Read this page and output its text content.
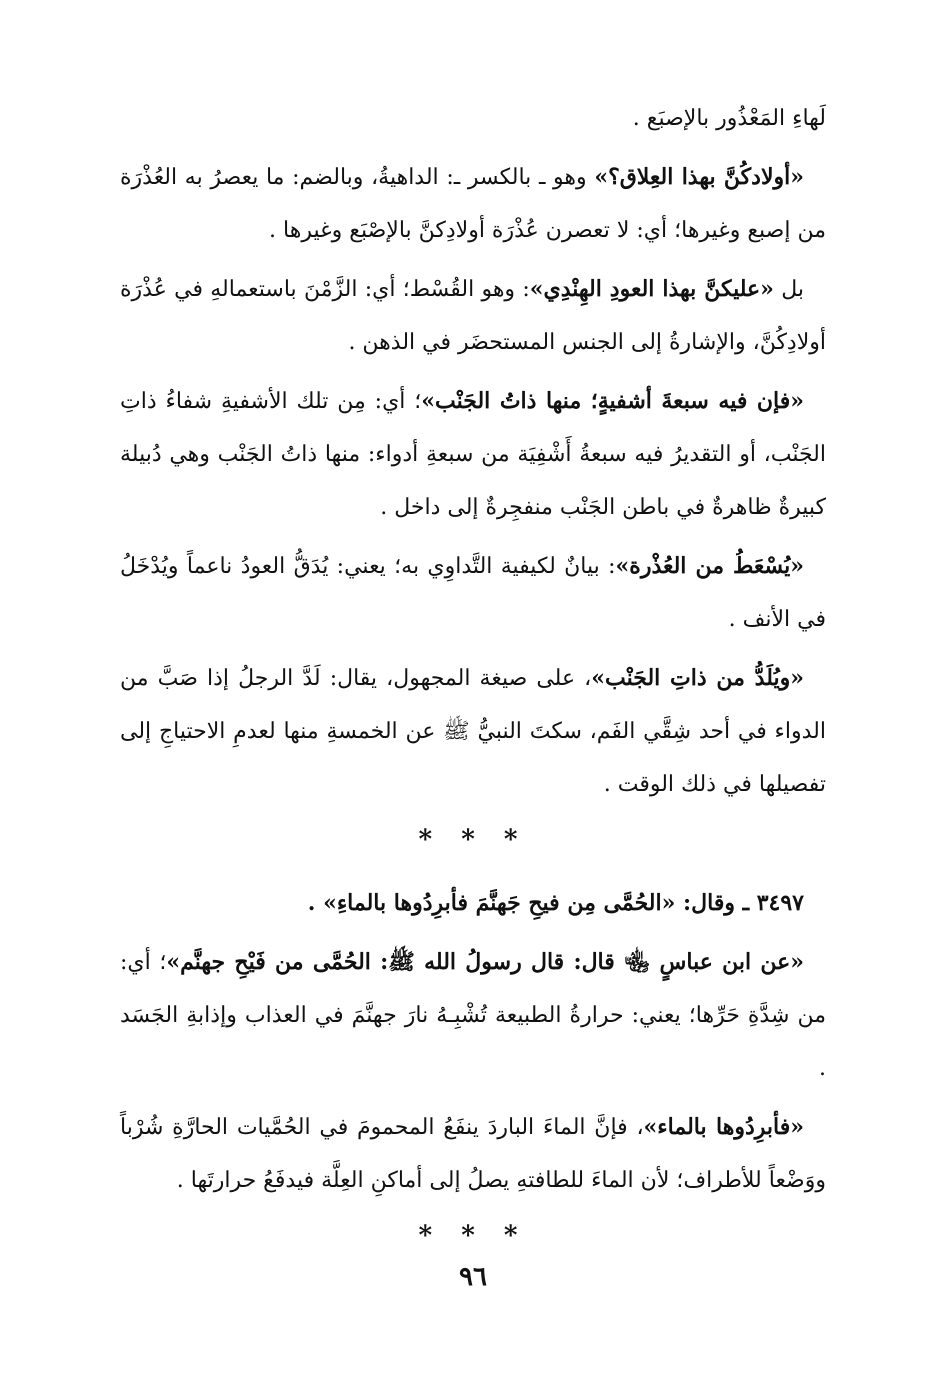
لَهاءِ المَعْذُور بالإصبَع .

«أولادكُنَّ بهذا العِلاق؟» وهو ـ بالكسر ـ: الداهيةُ، وبالضم: ما يعصرُ به العُذْرَة من إصبع وغيرها؛ أي: لا تعصرن عُذْرَة أولادِكنَّ بالإصْبَع وغيرها .

بل «عليكنَّ بهذا العودِ الهِنْدِي»: وهو القُسْط؛ أي: الزَّمْنَ باستعمالهِ في عُذْرَة أولادِكُنَّ، والإشارةُ إلى الجنس المستحضَر في الذهن .

«فإن فيه سبعةَ أشفيةٍ؛ منها ذاتُ الجَنْب»؛ أي: مِن تلك الأشفيةِ شفاءُ ذاتِ الجَنْب، أو التقديرُ فيه سبعةُ أَشْفِيَة من سبعةِ أدواء: منها ذاتُ الجَنْب وهي دُبيلة كبيرةٌ ظاهرةٌ في باطن الجَنْب منفجِرةٌ إلى داخل .

«يُسْعَطُ من العُذْرة»: بيانٌ لكيفية التَّداوِي به؛ يعني: يُدَقُّ العودُ ناعماً ويُدْخَلُ في الأنف .

«ويُلَدُّ من ذاتِ الجَنْب»، على صيغة المجهول، يقال: لَدَّ الرجلُ إذا صَبَّ من الدواء في أحد شِقَّي الفَم، سكتَ النبيُّ ﷺ عن الخمسةِ منها لعدمِ الاحتياجِ إلى تفصيلها في ذلك الوقت .

* * *

٣٤٩٧ ـ وقال: «الحُمَّى مِن فيحِ جَهنَّمَ فأبرِدُوها بالماءِ» .

«عن ابن عباسٍ ﵄ قال: قال رسولُ الله ﷺ: الحُمَّى من فَيْحِ جهنَّم»؛ أي: من شِدَّةِ حَرِّها؛ يعني: حرارةُ الطبيعة تُشْبِـهُ نارَ جهنَّمَ في العذاب وإذابةِ الجَسَد .

«فأبرِدُوها بالماء»، فإنَّ الماءَ الباردَ ينفَعُ المحمومَ في الحُمَّيات الحارَّةِ شُرْباً ووَضْعاً للأطراف؛ لأن الماءَ للطافتهِ يصلُ إلى أماكنِ العِلَّة فيدفَعُ حرارتَها .

* * *
٩٦
